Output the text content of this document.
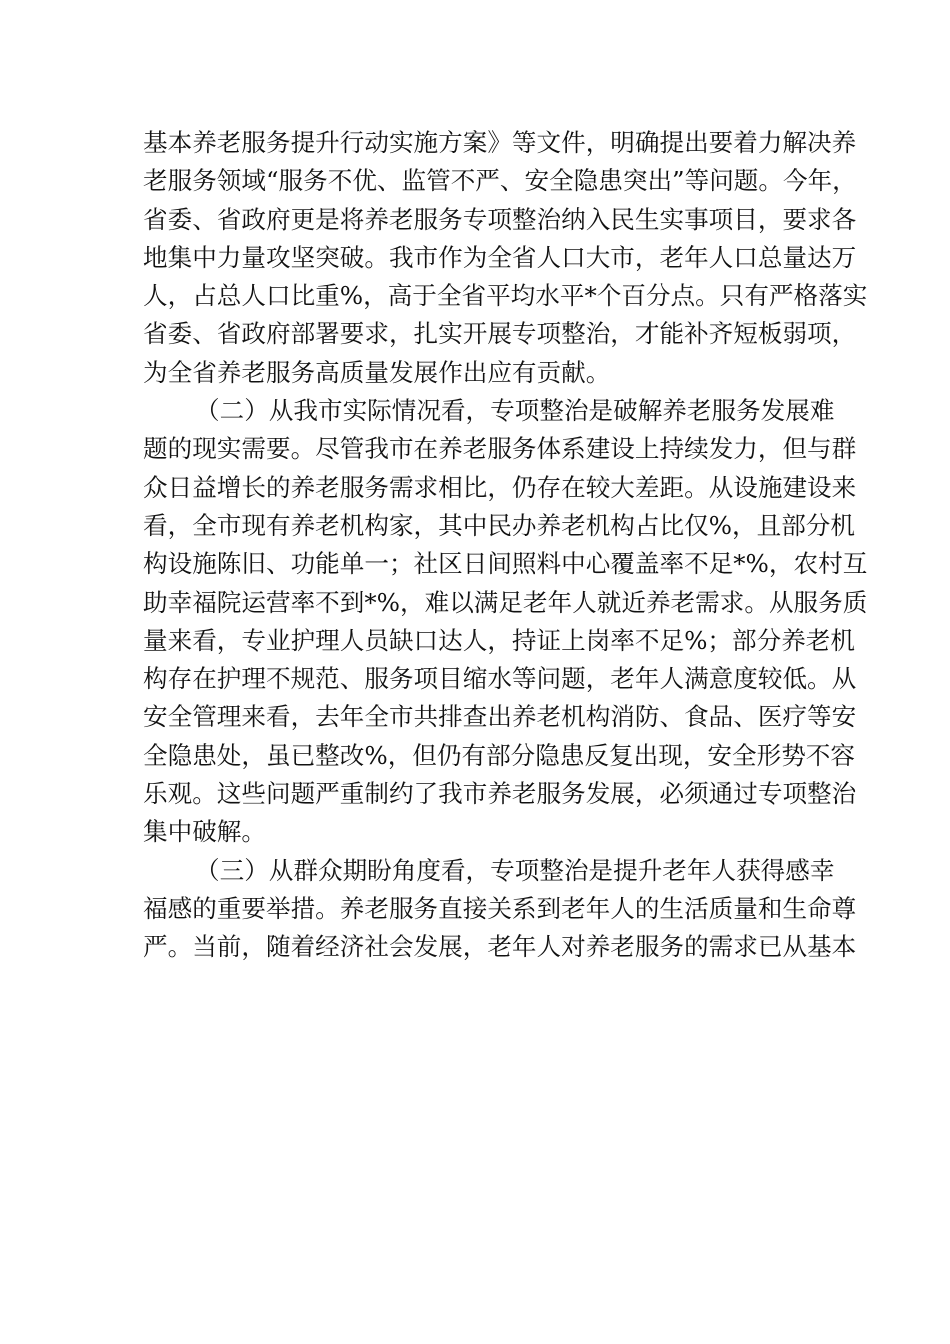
基本养老服务提升行动实施方案》等文件，明确提出要着力解决养
老服务领域“服务不优、监管不严、安全隐患突出”等问题。今年，
省委、省政府更是将养老服务专项整治纳入民生实事项目，要求各
地集中力量攻坚突破。我市作为全省人口大市，老年人口总量达万
人，占总人口比重%，高于全省平均水平*个百分点。只有严格落实
省委、省政府部署要求，扎实开展专项整治，才能补齐短板弱项，
为全省养老服务高质量发展作出应有贡献。
（二）从我市实际情况看，专项整治是破解养老服务发展难
题的现实需要。尽管我市在养老服务体系建设上持续发力，但与群
众日益增长的养老服务需求相比，仍存在较大差距。从设施建设来
看，全市现有养老机构家，其中民办养老机构占比仅%，且部分机
构设施陈旧、功能单一；社区日间照料中心覆盖率不足*%，农村互
助幸福院运营率不到*%，难以满足老年人就近养老需求。从服务质
量来看，专业护理人员缺口达人，持证上岗率不足%；部分养老机
构存在护理不规范、服务项目缩水等问题，老年人满意度较低。从
安全管理来看，去年全市共排查出养老机构消防、食品、医疗等安
全隐患处，虽已整改%，但仍有部分隐患反复出现，安全形势不容
乐观。这些问题严重制约了我市养老服务发展，必须通过专项整治
集中破解。
（三）从群众期盼角度看，专项整治是提升老年人获得感幸
福感的重要举措。养老服务直接关系到老年人的生活质量和生命尊
严。当前，随着经济社会发展，老年人对养老服务的需求已从基本
